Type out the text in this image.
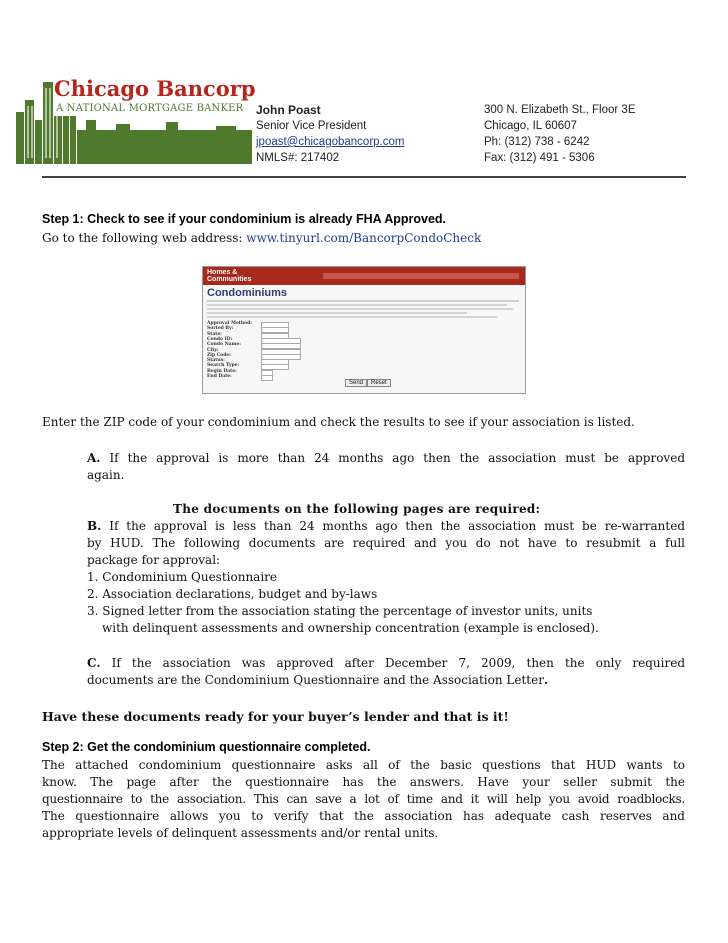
Chicago Bancorp
A NATIONAL MORTGAGE BANKER John Poast
Senior Vice President
jpoast@chicagobancorp.com
NMLS#: 217402
300 N. Elizabeth St., Floor 3E
Chicago, IL 60607
Ph: (312) 738 - 6242
Fax: (312) 491 - 5306
Step 1: Check to see if your condominium is already FHA Approved.
Go to the following web address: www.tinyurl.com/BancorpCondoCheck
Homes & Communities
Condominiums
Approval Method:
Sorted By:
State:
Condo ID:
Condo Name:
City:
Zip Code:
Status:
Search Type:
Begin Date:
End Date:
Send	Reset
Enter the ZIP code of your condominium and check the results to see if your association is listed.
A. If the approval is more than 24 months ago then the association must be approved
again.
The documents on the following pages are required:
B. If the approval is less than 24 months ago then the association must be re-warranted
by HUD. The following documents are required and you do not have to resubmit a full
package for approval:
1. Condominium Questionnaire
2. Association declarations, budget and by-laws
3. Signed letter from the association stating the percentage of investor units, units
with delinquent assessments and ownership concentration (example is enclosed).
C. If the association was approved after December 7, 2009, then the only required
documents are the Condominium Questionnaire and the Association Letter.
Have these documents ready for your buyer’s lender and that is it!
Step 2: Get the condominium questionnaire completed.
The attached condominium questionnaire asks all of the basic questions that HUD wants to
know. The page after the questionnaire has the answers. Have your seller submit the
questionnaire to the association. This can save a lot of time and it will help you avoid roadblocks.
The questionnaire allows you to verify that the association has adequate cash reserves and
appropriate levels of delinquent assessments and/or rental units.
